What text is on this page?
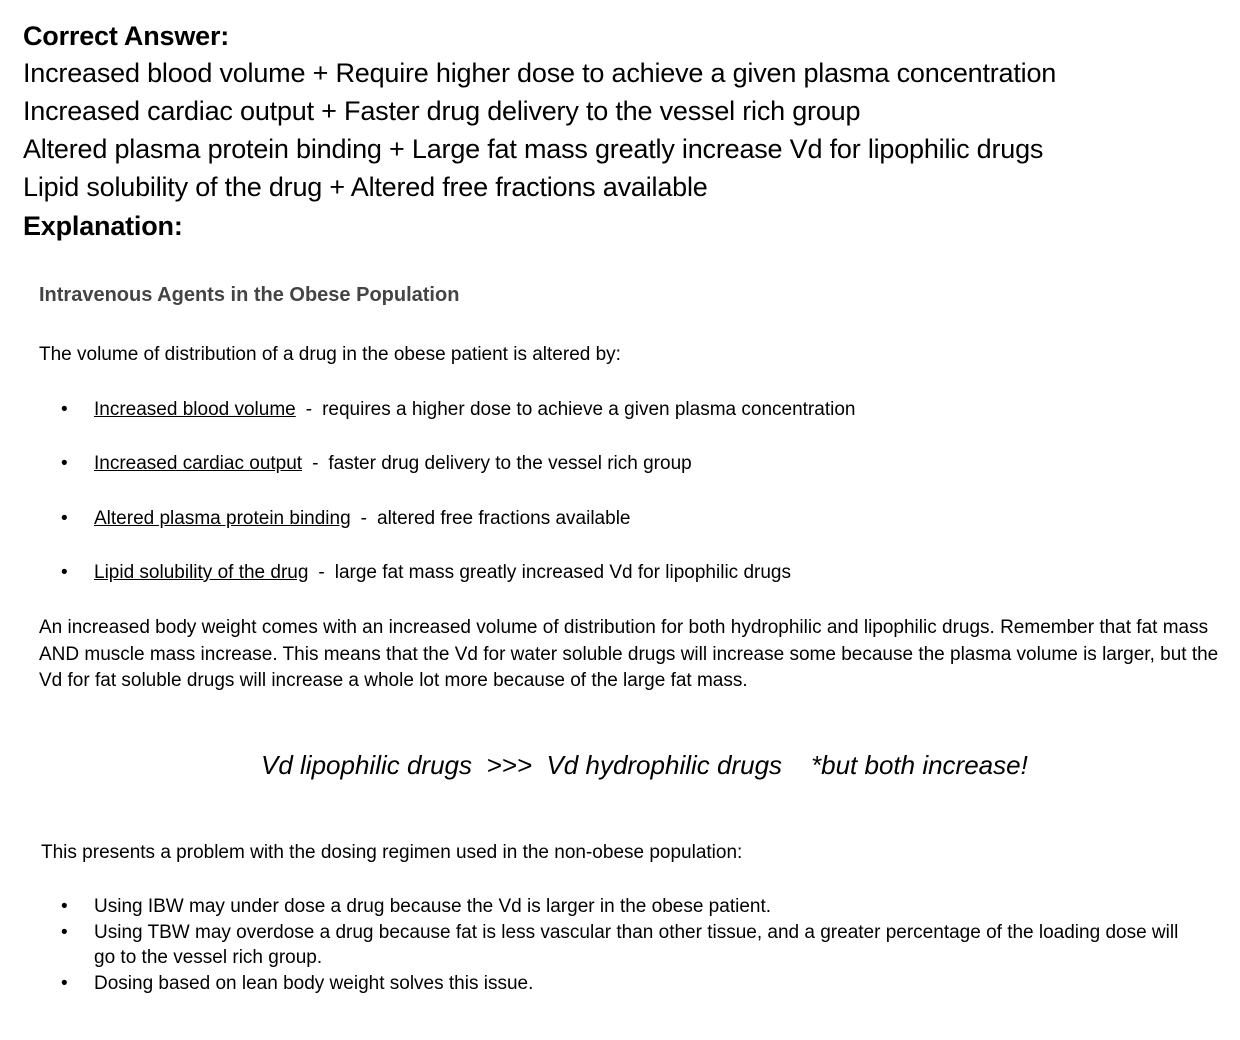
Correct Answer:

Increased blood volume + Require higher dose to achieve a given plasma concentration

Increased cardiac output + Faster drug delivery to the vessel rich group

Altered plasma protein binding + Large fat mass greatly increase Vd for lipophilic drugs

Lipid solubility of the drug + Altered free fractions available

Explanation:

Intravenous Agents in the Obese Population

The volume of distribution of a drug in the obese patient is altered by:

• Increased blood volume - requires a higher dose to achieve a given plasma concentration
• Increased cardiac output - faster drug delivery to the vessel rich group
• Altered plasma protein binding - altered free fractions available
• Lipid solubility of the drug - large fat mass greatly increased Vd for lipophilic drugs

An increased body weight comes with an increased volume of distribution for both hydrophilic and lipophilic drugs. Remember that fat mass AND muscle mass increase. This means that the Vd for water soluble drugs will increase some because the plasma volume is larger, but the Vd for fat soluble drugs will increase a whole lot more because of the large fat mass.

Vd lipophilic drugs  >>>  Vd hydrophilic drugs *but both increase!

This presents a problem with the dosing regimen used in the non-obese population:

• Using IBW may under dose a drug because the Vd is larger in the obese patient.
• Using TBW may overdose a drug because fat is less vascular than other tissue, and a greater percentage of the loading dose will go to the vessel rich group.
• Dosing based on lean body weight solves this issue.
